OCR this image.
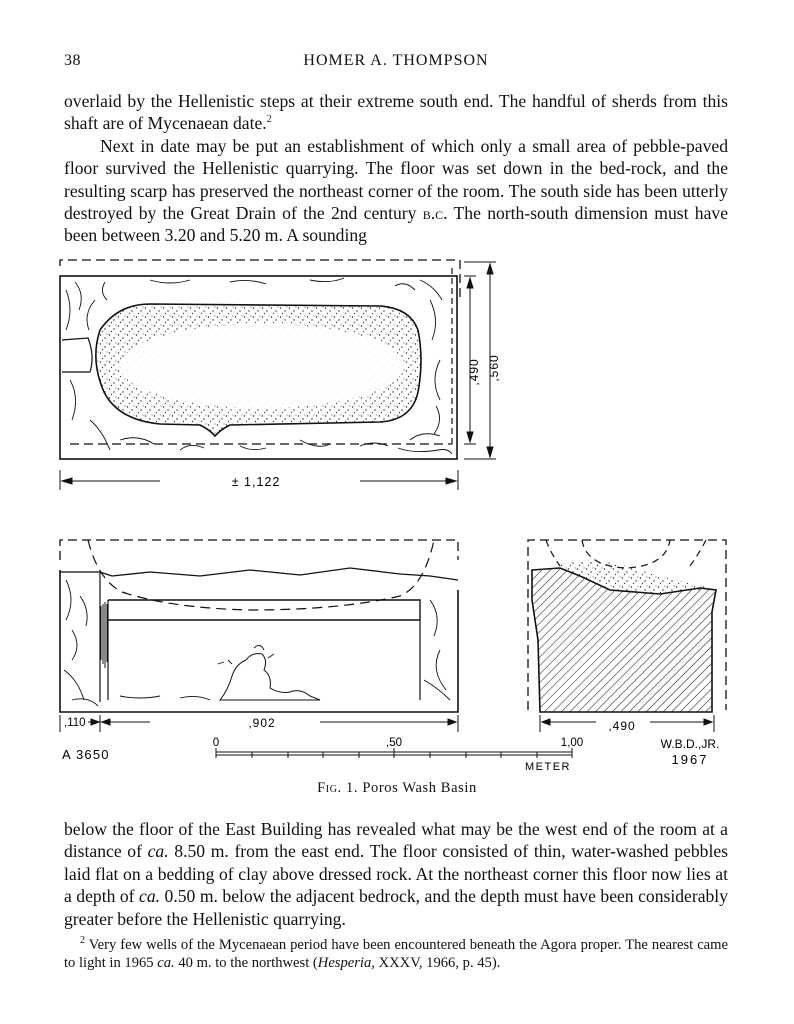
38	HOMER A. THOMPSON

overlaid by the Hellenistic steps at their extreme south end. The handful of sherds from this shaft are of Mycenaean date.$^2$

Next in date may be put an establishment of which only a small area of pebble-paved floor survived the Hellenistic quarrying. The floor was set down in the bed-rock, and the resulting scarp has preserved the northeast corner of the room. The south side has been utterly destroyed by the Great Drain of the 2nd century b.c. The north-south dimension must have been between 3.20 and 5.20 m. A sounding

± 1,122
,490 ,560
,110	,902	,490
0	,50	1,00
METER
A 3650
W.B.D.,JR.
1967
Fig. 1. Poros Wash Basin

below the floor of the East Building has revealed what may be the west end of the room at a distance of ca. 8.50 m. from the east end. The floor consisted of thin, water-washed pebbles laid flat on a bedding of clay above dressed rock. At the northeast corner this floor now lies at a depth of ca. 0.50 m. below the adjacent bedrock, and the depth must have been considerably greater before the Hellenistic quarrying.

$^2$ Very few wells of the Mycenaean period have been encountered beneath the Agora proper. The nearest came to light in 1965 ca. 40 m. to the northwest (Hesperia, XXXV, 1966, p. 45).
